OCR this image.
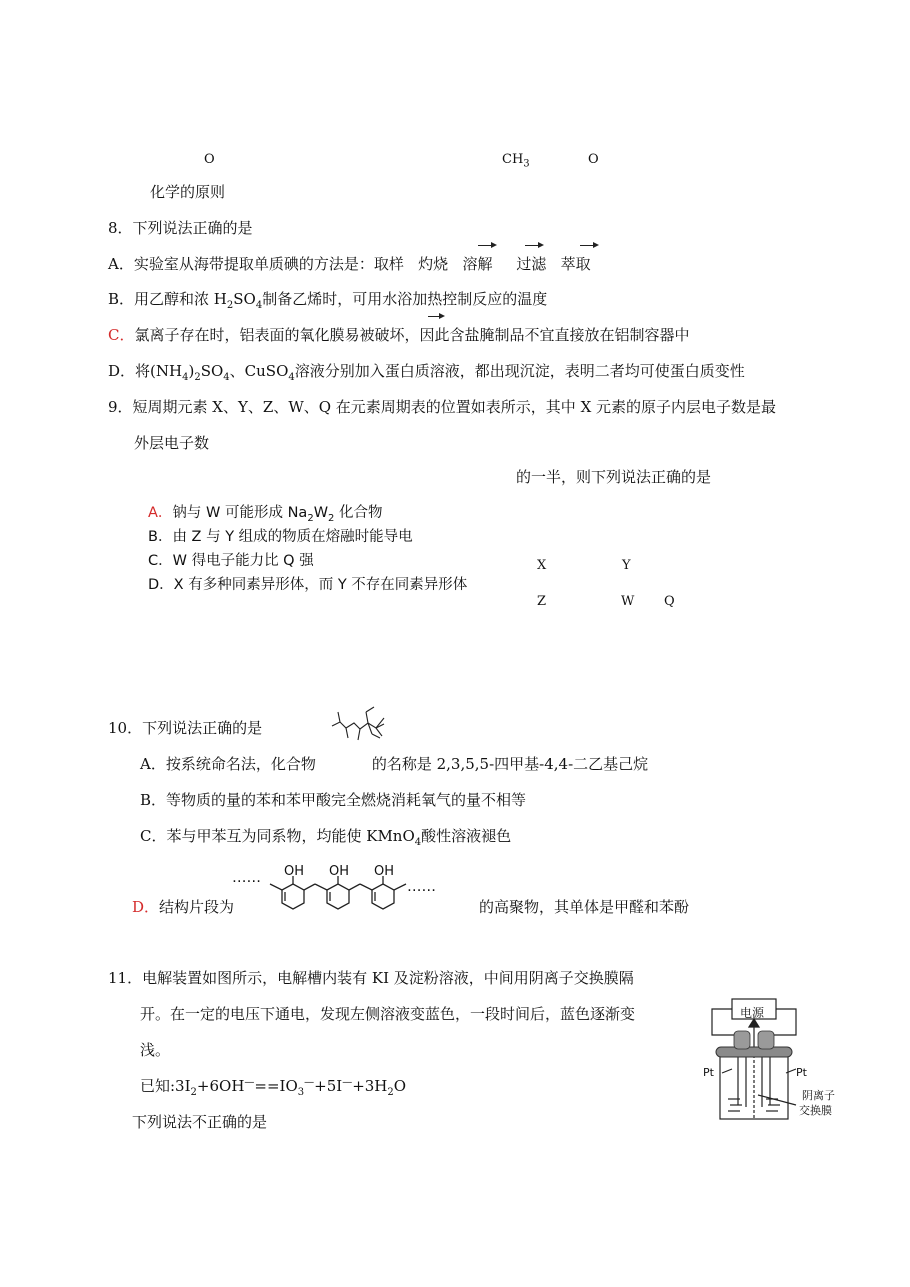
O	$CH_3$	O
化学的原则
8．下列说法正确的是
A．实验室从海带提取单质碘的方法是：取样 灼烧 溶解 过滤 萃取
B．用乙醇和浓 $H_2SO_4$制备乙烯时，可用水浴加热控制反应的温度
C．氯离子存在时，铝表面的氧化膜易被破坏，因此含盐腌制品不宜直接放在铝制容器中
D．将$(NH_4)_2SO_4$、CuSO$_4$溶液分别加入蛋白质溶液，都出现沉淀，表明二者均可使蛋白质变性
9．短周期元素 X、Y、Z、W、Q 在元素周期表的位置如表所示，其中 X 元素的原子内层电子数是最
外层电子数
的一半，则下列说法正确的是
A．钠与 W 可能形成 $Na_2W_2$ 化合物
B．由 Z 与 Y 组成的物质在熔融时能导电
C．W 得电子能力比 Q 强
D．X 有多种同素异形体，而 Y 不存在同素异形体
X	Y
Z	W Q
10．下列说法正确的是
A．按系统命名法，化合物	的名称是 2,3,5,5-四甲基-4,4-二乙基己烷
B．等物质的量的苯和苯甲酸完全燃烧消耗氧气的量不相等
C．苯与甲苯互为同系物，均能使 KMnO$_4$酸性溶液褪色
……
……
OH OH OH
D．结构片段为	的高聚物，其单体是甲醛和苯酚
11．电解装置如图所示，电解槽内装有 KI 及淀粉溶液，中间用阴离子交换膜隔
开。在一定的电压下通电，发现左侧溶液变蓝色，一段时间后，蓝色逐渐变
浅。
已知$:3I_2+6OH^—==IO_3^—+5I^—+3H_2O$
下列说法不正确的是
电源
Pt	Pt
阴离子
交换膜
